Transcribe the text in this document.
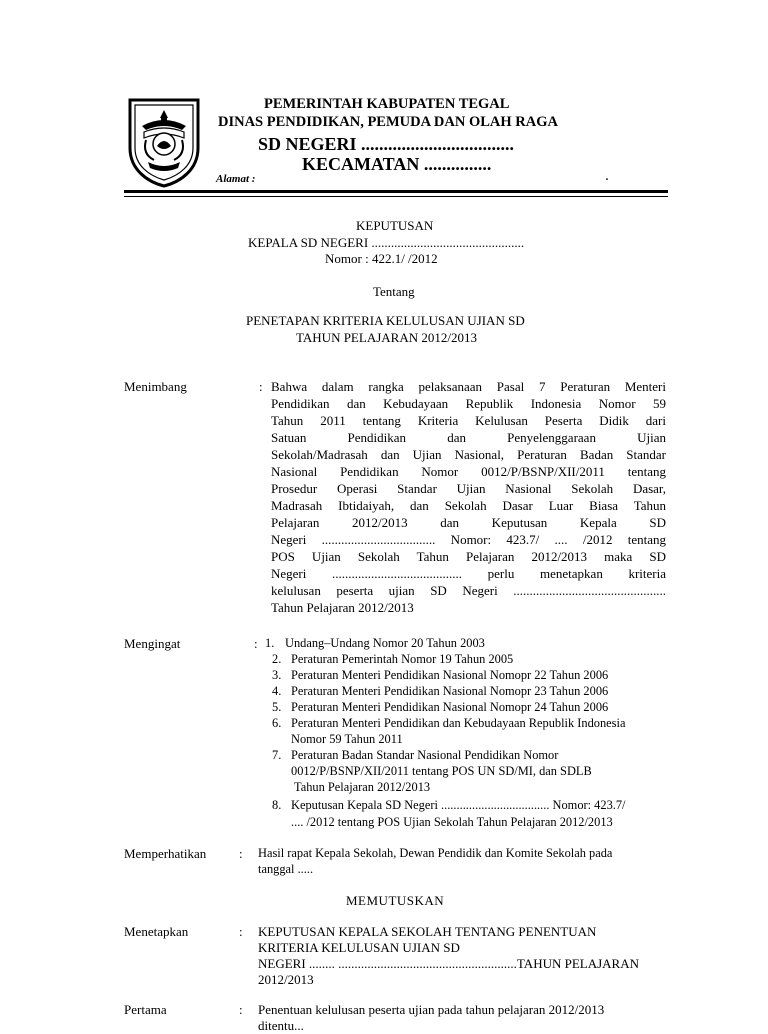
PEMERINTAH KABUPATEN TEGAL
DINAS PENDIDIKAN, PEMUDA DAN OLAH RAGA
SD NEGERI ..................................
KECAMATAN ...............
Alamat :	.
KEPUTUSAN
KEPALA SD NEGERI ...............................................
Nomor : 422.1/ /2012
Tentang
PENETAPAN KRITERIA KELULUSAN UJIAN SD
TAHUN PELAJARAN 2012/2013
Menimbang	: Bahwa dalam rangka pelaksanaan Pasal 7 Peraturan Menteri
Pendidikan dan Kebudayaan Republik Indonesia Nomor 59
Tahun 2011 tentang Kriteria Kelulusan Peserta Didik dari
Satuan Pendidikan dan Penyelenggaraan Ujian
Sekolah/Madrasah dan Ujian Nasional, Peraturan Badan Standar
Nasional Pendidikan Nomor 0012/P/BSNP/XII/2011 tentang
Prosedur Operasi Standar Ujian Nasional Sekolah Dasar,
Madrasah Ibtidaiyah, dan Sekolah Dasar Luar Biasa Tahun
Pelajaran 2012/2013 dan Keputusan Kepala SD
Negeri ................................... Nomor: 423.7/ .... /2012 tentang
POS Ujian Sekolah Tahun Pelajaran 2012/2013 maka SD
Negeri ........................................ perlu menetapkan kriteria
kelulusan peserta ujian SD Negeri ...............................................
Tahun Pelajaran 2012/2013
Mengingat	: 1. Undang–Undang Nomor 20 Tahun 2003
2. Peraturan Pemerintah Nomor 19 Tahun 2005
3. Peraturan Menteri Pendidikan Nasional Nomopr 22 Tahun 2006
4. Peraturan Menteri Pendidikan Nasional Nomopr 23 Tahun 2006
5. Peraturan Menteri Pendidikan Nasional Nomopr 24 Tahun 2006
6. Peraturan Menteri Pendidikan dan Kebudayaan Republik Indonesia
Nomor 59 Tahun 2011
7. Peraturan Badan Standar Nasional Pendidikan Nomor
0012/P/BSNP/XII/2011 tentang POS UN SD/MI, dan SDLB
Tahun Pelajaran 2012/2013
8. Keputusan Kepala SD Negeri ................................... Nomor: 423.7/
.... /2012 tentang POS Ujian Sekolah Tahun Pelajaran 2012/2013
Memperhatikan	: Hasil rapat Kepala Sekolah, Dewan Pendidik dan Komite Sekolah pada
tanggal .....
MEMUTUSKAN
Menetapkan	: KEPUTUSAN KEPALA SEKOLAH TENTANG PENENTUAN
KRITERIA KELULUSAN UJIAN SD
NEGERI ........ .......................................................TAHUN PELAJARAN
2012/2013
Pertama	: Penentuan kelulusan peserta ujian pada tahun pelajaran 2012/2013
ditentu...
